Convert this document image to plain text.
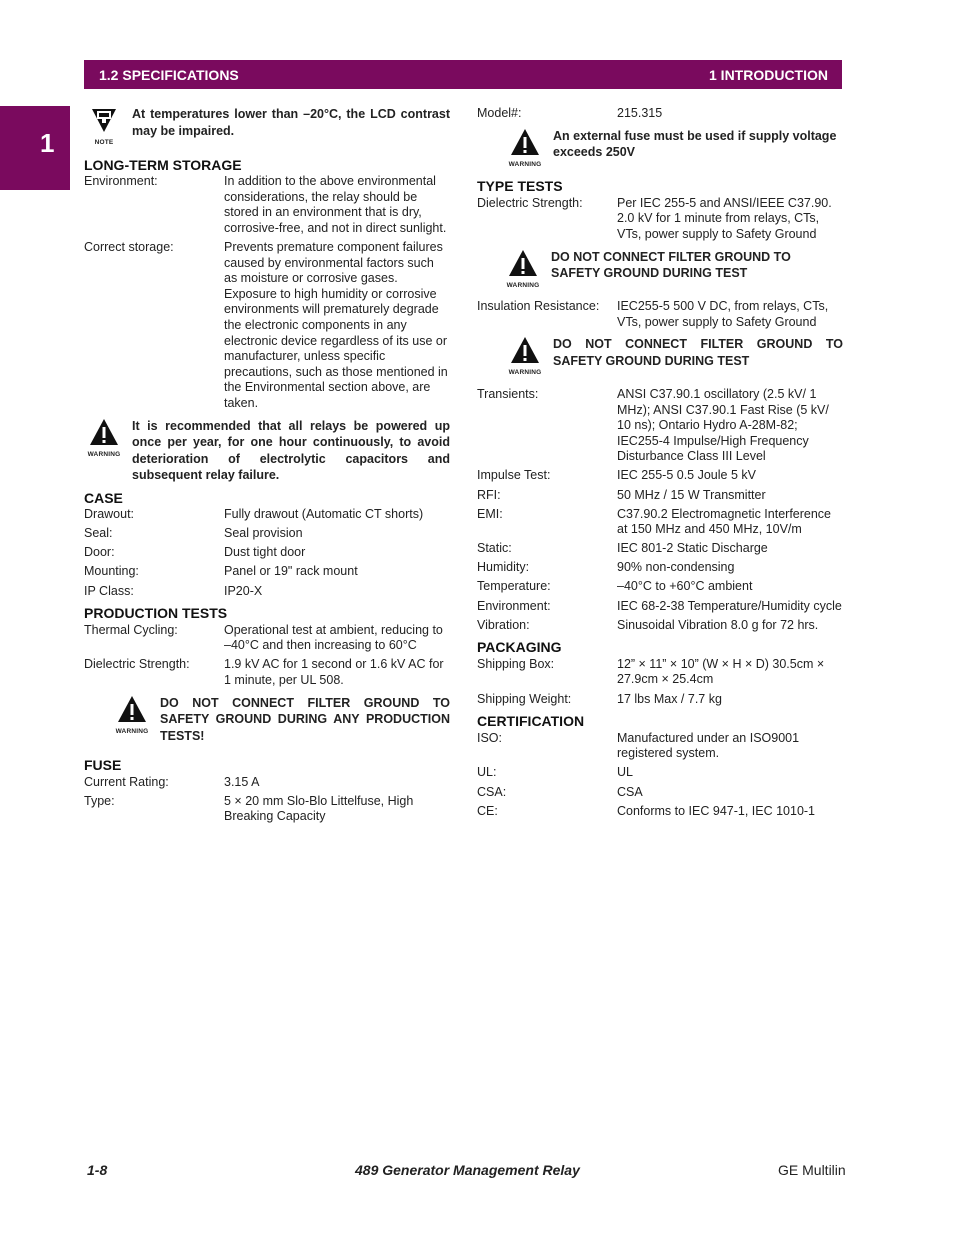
1.2 SPECIFICATIONS	1 INTRODUCTION
1	NOTE
At temperatures lower than –20°C, the LCD contrast may be impaired.
LONG-TERM STORAGE
Environment:	In addition to the above environmental considerations, the relay should be stored in an environment that is dry, corrosive-free, and not in direct sunlight.
Correct storage:	Prevents premature component failures caused by environmental factors such as moisture or corrosive gases. Exposure to high humidity or corrosive environments will prematurely degrade the electronic components in any electronic device regardless of its use or manufacturer, unless specific precautions, such as those mentioned in the Environmental section above, are taken.
WARNING
It is recommended that all relays be powered up once per year, for one hour continuously, to avoid deterioration of electrolytic capacitors and subsequent relay failure.
CASE
Drawout:	Fully drawout (Automatic CT shorts)
Seal:	Seal provision
Door:	Dust tight door
Mounting:	Panel or 19" rack mount
IP Class:	IP20-X
PRODUCTION TESTS
Thermal Cycling:	Operational test at ambient, reducing to –40°C and then increasing to 60°C
Dielectric Strength:	1.9 kV AC for 1 second or 1.6 kV AC for 1 minute, per UL 508.
WARNING
DO NOT CONNECT FILTER GROUND TO SAFETY GROUND DURING ANY PRODUCTION TESTS!
FUSE
Current Rating:	3.15 A
Type:	5 × 20 mm Slo-Blo Littelfuse, High Breaking Capacity
Model#:	215.315
WARNING
An external fuse must be used if supply voltage exceeds 250V
TYPE TESTS
Dielectric Strength:	Per IEC 255-5 and ANSI/IEEE C37.90. 2.0 kV for 1 minute from relays, CTs, VTs, power supply to Safety Ground
WARNING
DO NOT CONNECT FILTER GROUND TO SAFETY GROUND DURING TEST
Insulation Resistance:	IEC255-5 500 V DC, from relays, CTs, VTs, power supply to Safety Ground
WARNING
DO NOT CONNECT FILTER GROUND TO SAFETY GROUND DURING TEST
Transients:	ANSI C37.90.1 oscillatory (2.5 kV/ 1 MHz); ANSI C37.90.1 Fast Rise (5 kV/ 10 ns); Ontario Hydro A-28M-82; IEC255-4 Impulse/High Frequency Disturbance Class III Level
Impulse Test:	IEC 255-5 0.5 Joule 5 kV
RFI:	50 MHz / 15 W Transmitter
EMI:	C37.90.2 Electromagnetic Interference at 150 MHz and 450 MHz, 10V/m
Static:	IEC 801-2 Static Discharge
Humidity:	90% non-condensing
Temperature:	–40°C to +60°C ambient
Environment:	IEC 68-2-38 Temperature/Humidity cycle
Vibration:	Sinusoidal Vibration 8.0 g for 72 hrs.
PACKAGING
Shipping Box:	12” × 11” × 10” (W × H × D) 30.5cm × 27.9cm × 25.4cm
Shipping Weight:	17 lbs Max / 7.7 kg
CERTIFICATION
ISO:	Manufactured under an ISO9001 registered system.
UL:	UL
CSA:	CSA
CE:	Conforms to IEC 947-1, IEC 1010-1
1-8	489 Generator Management Relay	GE Multilin
